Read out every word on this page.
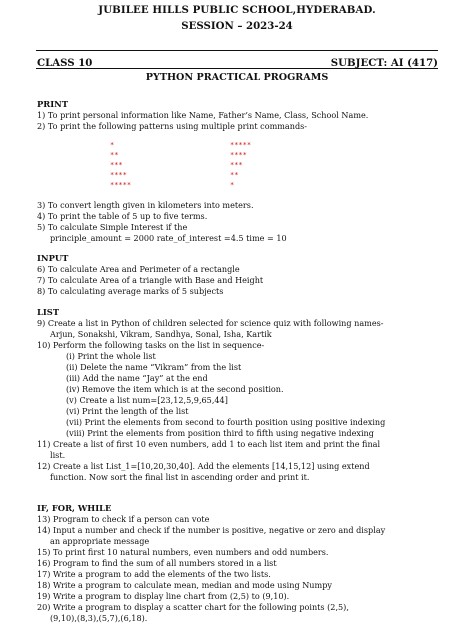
JUBILEE HILLS PUBLIC SCHOOL,HYDERABAD.
SESSION – 2023-24
CLASS 10	SUBJECT: AI (417)
PYTHON PRACTICAL PROGRAMS
PRINT
1) To print personal information like Name, Father’s Name, Class, School Name.
2) To print the following patterns using multiple print commands-
*
**
***
****
*****
*****
****
***
**
*
3) To convert length given in kilometers into meters.
4) To print the table of 5 up to five terms.
5) To calculate Simple Interest if the
principle_amount = 2000 rate_of_interest =4.5 time = 10
INPUT
6) To calculate Area and Perimeter of a rectangle
7) To calculate Area of a triangle with Base and Height
8) To calculating average marks of 5 subjects
LIST
9) Create a list in Python of children selected for science quiz with following names-
Arjun, Sonakshi, Vikram, Sandhya, Sonal, Isha, Kartik
10) Perform the following tasks on the list in sequence-
(i) Print the whole list
(ii) Delete the name “Vikram” from the list
(iii) Add the name “Jay” at the end
(iv) Remove the item which is at the second position.
(v) Create a list num=[23,12,5,9,65,44]
(vi) Print the length of the list
(vii) Print the elements from second to fourth position using positive indexing
(viii) Print the elements from position third to fifth using negative indexing
11) Create a list of first 10 even numbers, add 1 to each list item and print the final
list.
12) Create a list List_1=[10,20,30,40]. Add the elements [14,15,12] using extend
function. Now sort the final list in ascending order and print it.
IF, FOR, WHILE
13) Program to check if a person can vote
14) Input a number and check if the number is positive, negative or zero and display
an appropriate message
15) To print first 10 natural numbers, even numbers and odd numbers.
16) Program to find the sum of all numbers stored in a list
17) Write a program to add the elements of the two lists.
18) Write a program to calculate mean, median and mode using Numpy
19) Write a program to display line chart from (2,5) to (9,10).
20) Write a program to display a scatter chart for the following points (2,5),
(9,10),(8,3),(5,7),(6,18).
